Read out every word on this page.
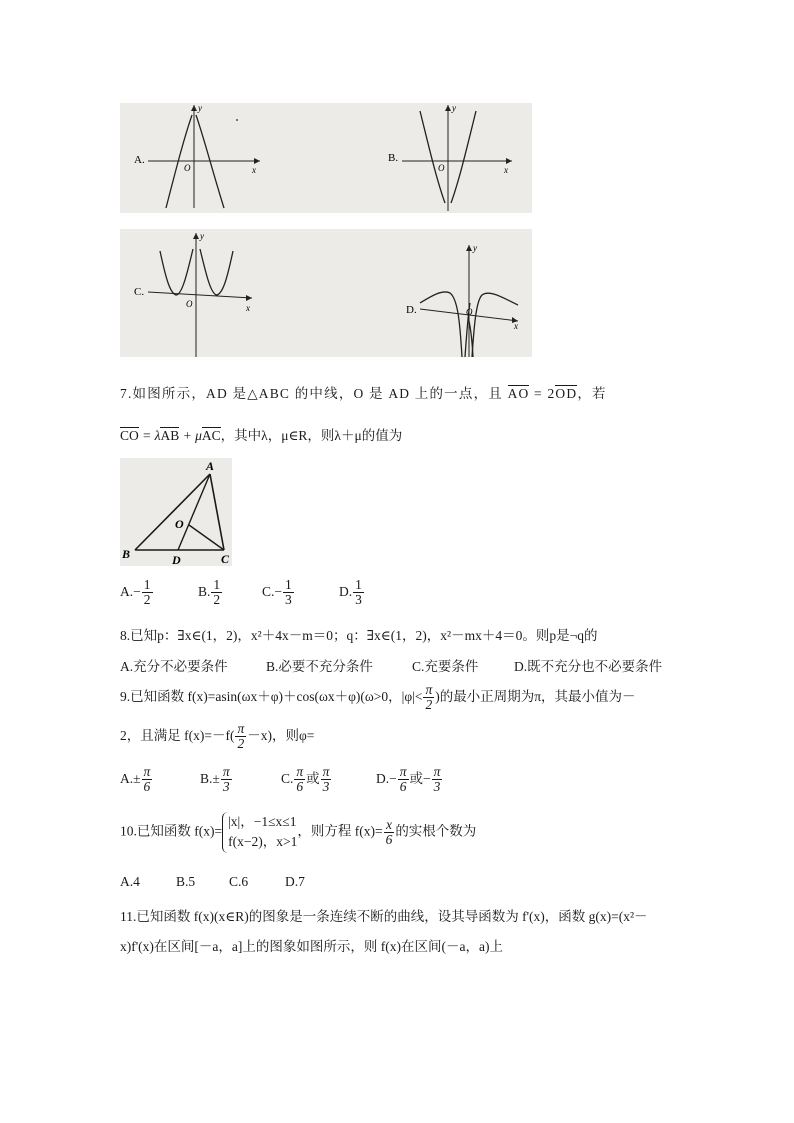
A.
O	x
y
B.
O	x
y
C.
O	x
y
D.	O
x
y
7.如图所示，AD 是△ABC 的中线，O 是 AD 上的一点，且 AO = 2OD，若
CO = λAB + μAC，其中λ，μ∈R，则λ＋μ的值为
A
B	C
D
O
$A.- \frac{1}{2}$	B. $\frac{1}{2}$	$C.- \frac{1}{3}$	D. $\frac{1}{3}$
8.已知p：∃x∈(1，2)，x²＋4x－m＝0；q：∃x∈(1，2)，x²－mx＋4＝0。则p是¬q的
A.充分不必要条件	B.必要不充分条件	C.充要条件	D.既不充分也不必要条件
9.已知函数 f(x)=asin(ωx＋φ)＋cos(ωx＋φ)(ω>0，$|\varphi|< \frac{\pi}{2}$ )的最小正周期为π，其最小值为－
2，且满足 $f(x)=-f( \frac{\pi}{2} -x)$，则φ=
$A.\pm \frac{\pi}{6}$	$B.\pm \frac{\pi}{3}$	C. $\frac{\pi}{6}$ 或 $\frac{\pi}{3}$	$D.- \frac{\pi}{6}$ 或− $\frac{\pi}{3}$
10.已知函数 f(x)=
|x|，−1≤x≤1
f(x−2)，x>1
，则方程 $f(x)= \frac{x}{6}$ 的实根个数为
A.4	B.5	C.6	D.7
11.已知函数 f(x)(x∈R)的图象是一条连续不断的曲线，设其导函数为 f'(x)，函数 g(x)=(x²－
x)f'(x)在区间[－a，a]上的图象如图所示，则 f(x)在区间(－a，a)上
